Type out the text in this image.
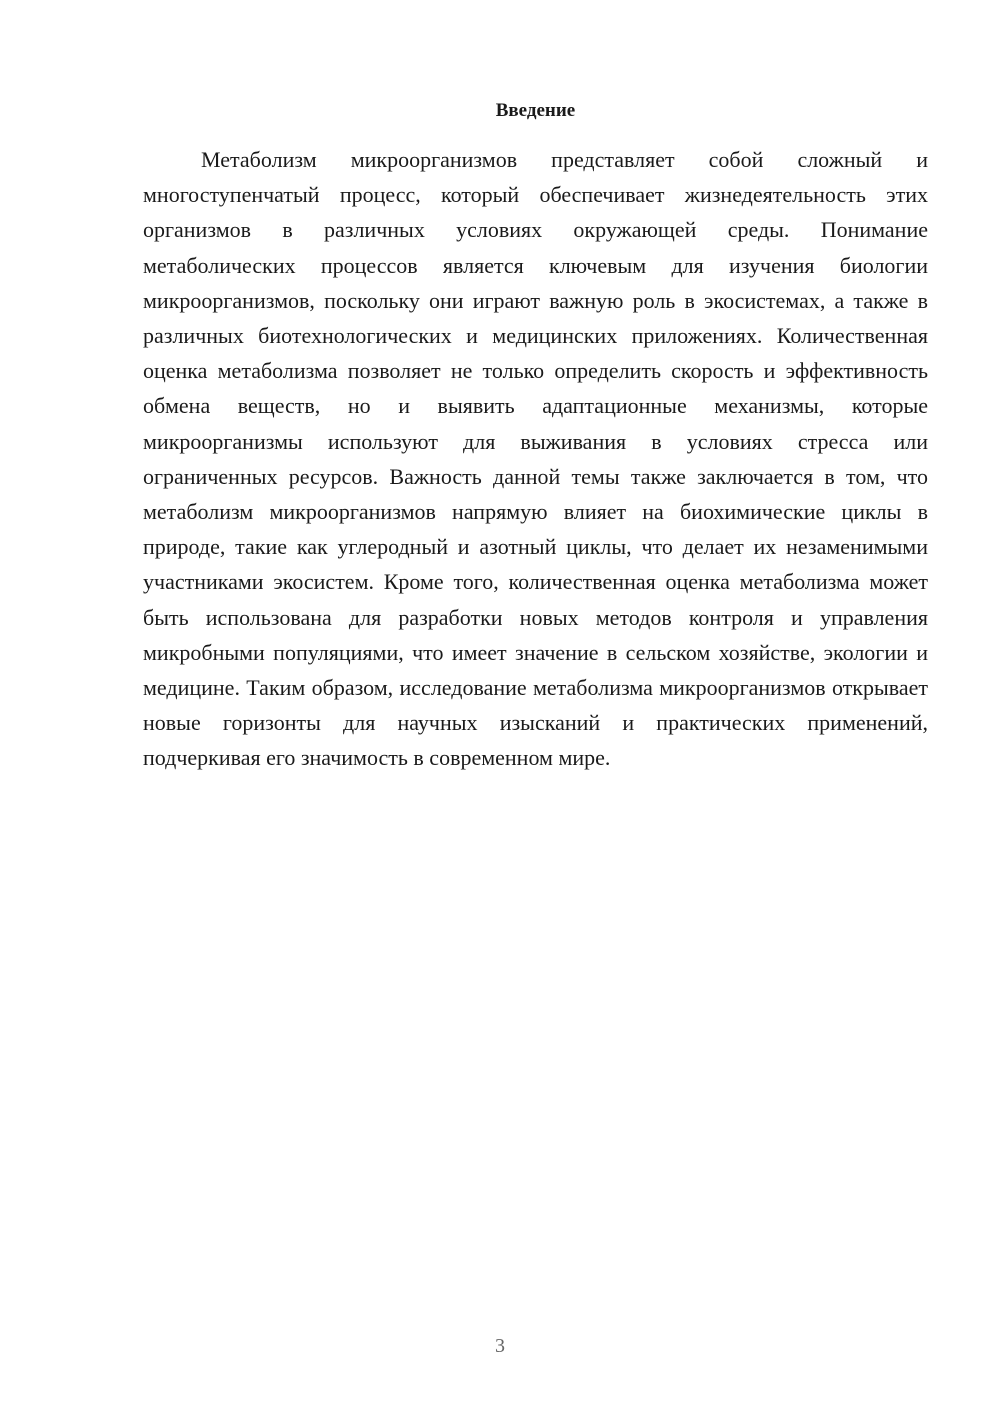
Введение

Метаболизм микроорганизмов представляет собой сложный и многоступенчатый процесс, который обеспечивает жизнедеятельность этих организмов в различных условиях окружающей среды. Понимание метаболических процессов является ключевым для изучения биологии микроорганизмов, поскольку они играют важную роль в экосистемах, а также в различных биотехнологических и медицинских приложениях. Количественная оценка метаболизма позволяет не только определить скорость и эффективность обмена веществ, но и выявить адаптационные механизмы, которые микроорганизмы используют для выживания в условиях стресса или ограниченных ресурсов. Важность данной темы также заключается в том, что метаболизм микроорганизмов напрямую влияет на биохимические циклы в природе, такие как углеродный и азотный циклы, что делает их незаменимыми участниками экосистем. Кроме того, количественная оценка метаболизма может быть использована для разработки новых методов контроля и управления микробными популяциями, что имеет значение в сельском хозяйстве, экологии и медицине. Таким образом, исследование метаболизма микроорганизмов открывает новые горизонты для научных изысканий и практических применений, подчеркивая его значимость в современном мире.

3
